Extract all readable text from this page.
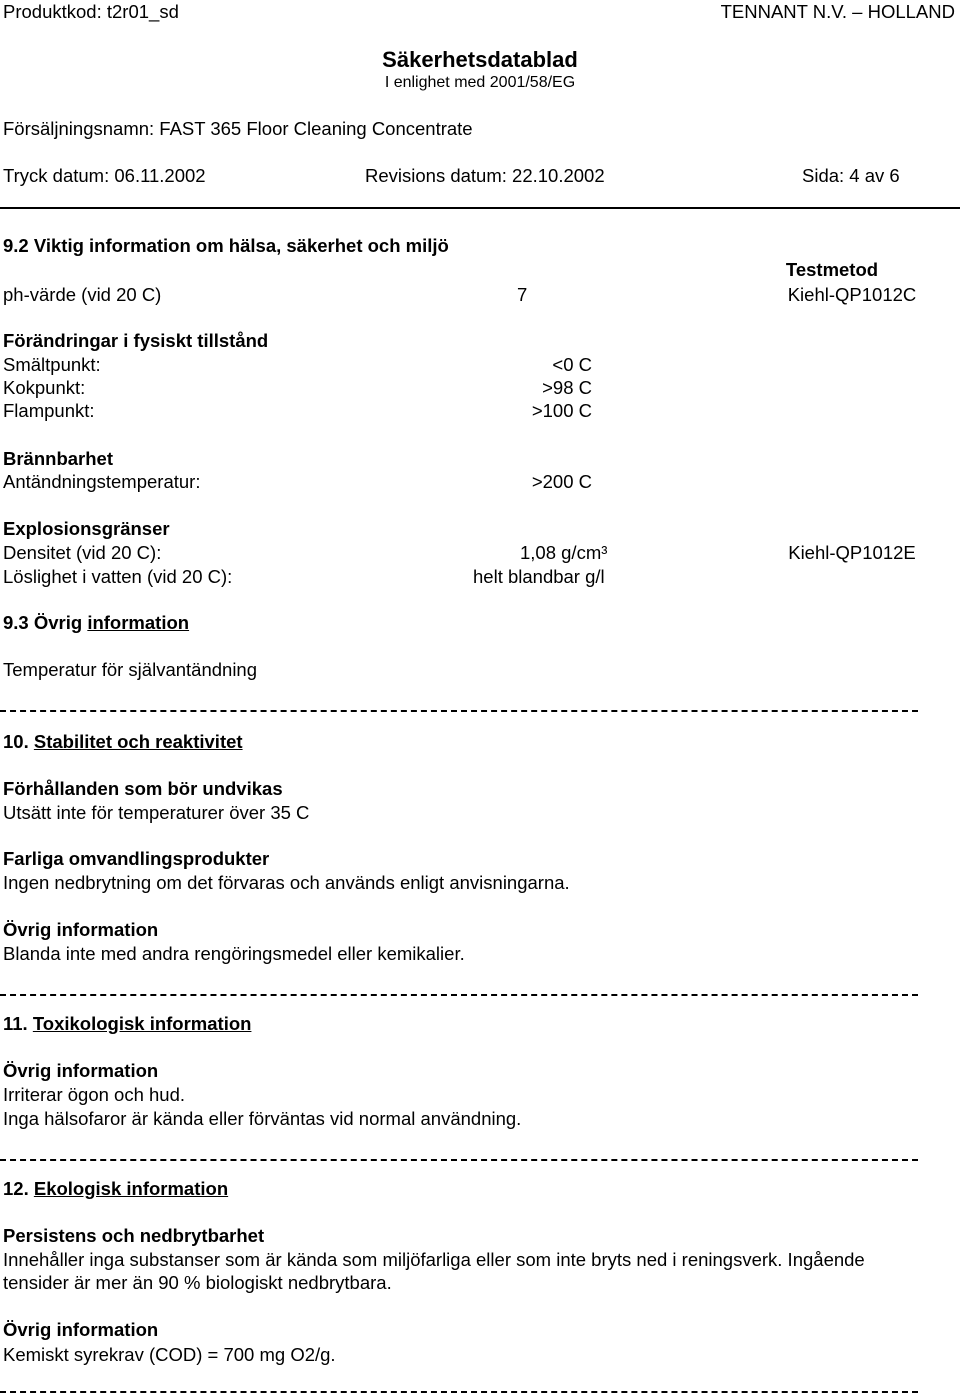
Produktkod: t2r01_sd	TENNANT N.V. – HOLLAND
Säkerhetsdatablad
I enlighet med 2001/58/EG
Försäljningsnamn: FAST 365 Floor Cleaning Concentrate
Tryck datum: 06.11.2002	Revisions datum: 22.10.2002	Sida: 4 av 6
9.2 Viktig information om hälsa, säkerhet och miljö
Testmetod
ph-värde (vid 20 C)	7	Kiehl-QP1012C
Förändringar i fysiskt tillstånd
Smältpunkt:	<0 C
Kokpunkt:	>98 C
Flampunkt:	>100 C
Brännbarhet
Antändningstemperatur:	>200 C
Explosionsgränser
Densitet (vid 20 C):	1,08 g/cm³	Kiehl-QP1012E
Löslighet i vatten (vid 20 C):	helt blandbar g/l
9.3 Övrig information
Temperatur för självantändning
10. Stabilitet och reaktivitet
Förhållanden som bör undvikas
Utsätt inte för temperaturer över 35 C
Farliga omvandlingsprodukter
Ingen nedbrytning om det förvaras och används enligt anvisningarna.
Övrig information
Blanda inte med andra rengöringsmedel eller kemikalier.
11. Toxikologisk information
Övrig information
Irriterar ögon och hud.
Inga hälsofaror är kända eller förväntas vid normal användning.
12. Ekologisk information
Persistens och nedbrytbarhet
Innehåller inga substanser som är kända som miljöfarliga eller som inte bryts ned i reningsverk. Ingående
tensider är mer än 90 % biologiskt nedbrytbara.
Övrig information
Kemiskt syrekrav (COD) = 700 mg O2/g.
